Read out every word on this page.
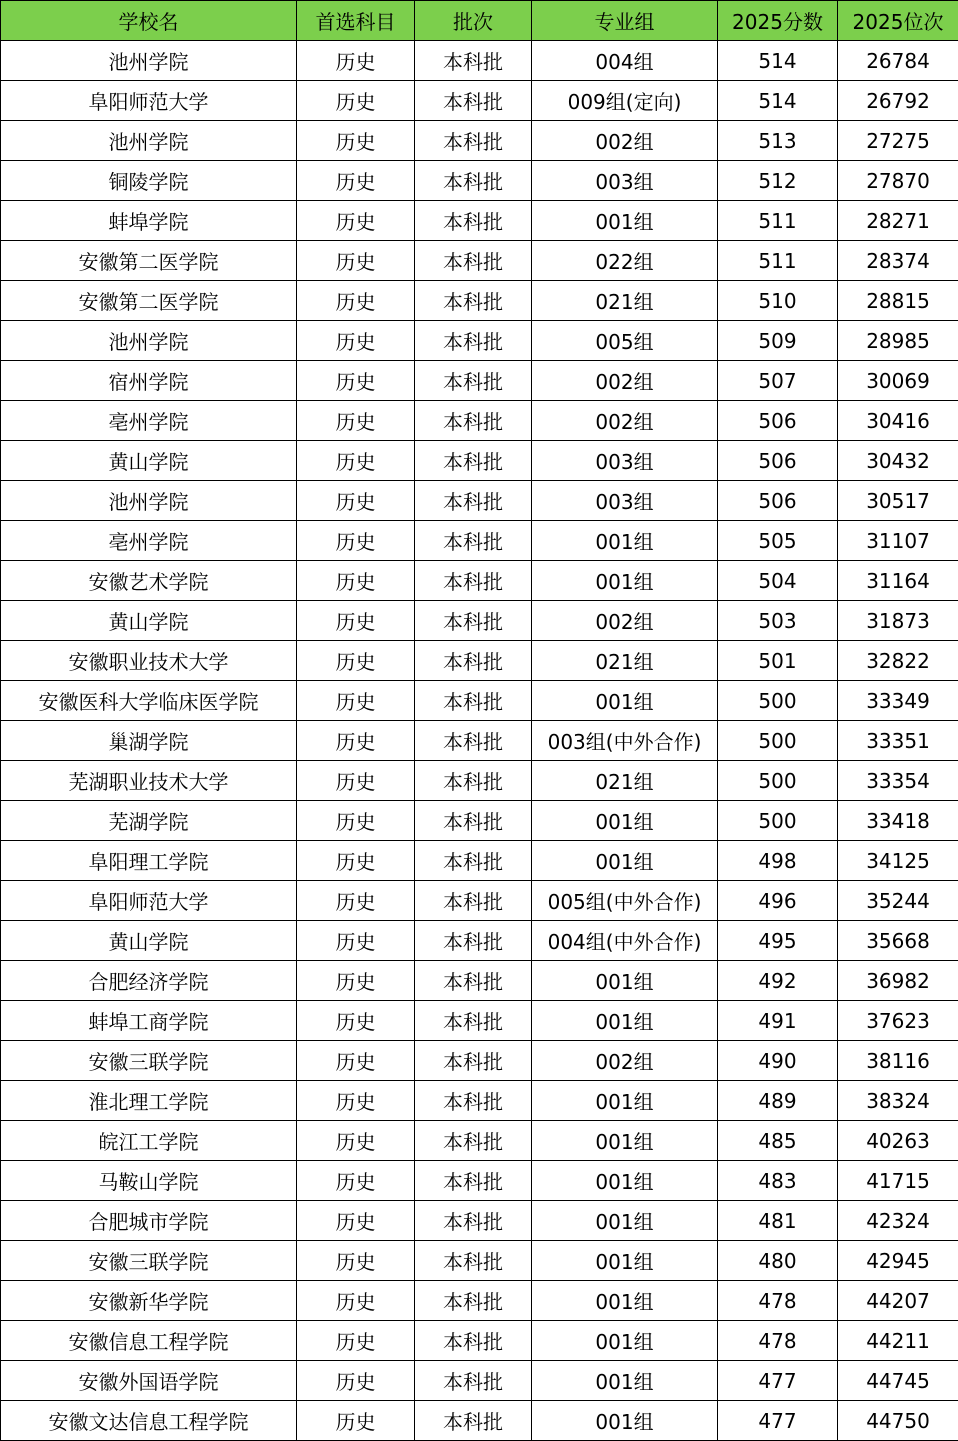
学校名	首选科目	批次	专业组	2025分数	2025位次
池州学院	历史	本科批	004组	514	26784
阜阳师范大学	历史	本科批	009组(定向)	514	26792
池州学院	历史	本科批	002组	513	27275
铜陵学院	历史	本科批	003组	512	27870
蚌埠学院	历史	本科批	001组	511	28271
安徽第二医学院	历史	本科批	022组	511	28374
安徽第二医学院	历史	本科批	021组	510	28815
池州学院	历史	本科批	005组	509	28985
宿州学院	历史	本科批	002组	507	30069
亳州学院	历史	本科批	002组	506	30416
黄山学院	历史	本科批	003组	506	30432
池州学院	历史	本科批	003组	506	30517
亳州学院	历史	本科批	001组	505	31107
安徽艺术学院	历史	本科批	001组	504	31164
黄山学院	历史	本科批	002组	503	31873
安徽职业技术大学	历史	本科批	021组	501	32822
安徽医科大学临床医学院	历史	本科批	001组	500	33349
巢湖学院	历史	本科批	003组(中外合作)	500	33351
芜湖职业技术大学	历史	本科批	021组	500	33354
芜湖学院	历史	本科批	001组	500	33418
阜阳理工学院	历史	本科批	001组	498	34125
阜阳师范大学	历史	本科批	005组(中外合作)	496	35244
黄山学院	历史	本科批	004组(中外合作)	495	35668
合肥经济学院	历史	本科批	001组	492	36982
蚌埠工商学院	历史	本科批	001组	491	37623
安徽三联学院	历史	本科批	002组	490	38116
淮北理工学院	历史	本科批	001组	489	38324
皖江工学院	历史	本科批	001组	485	40263
马鞍山学院	历史	本科批	001组	483	41715
合肥城市学院	历史	本科批	001组	481	42324
安徽三联学院	历史	本科批	001组	480	42945
安徽新华学院	历史	本科批	001组	478	44207
安徽信息工程学院	历史	本科批	001组	478	44211
安徽外国语学院	历史	本科批	001组	477	44745
安徽文达信息工程学院	历史	本科批	001组	477	44750
